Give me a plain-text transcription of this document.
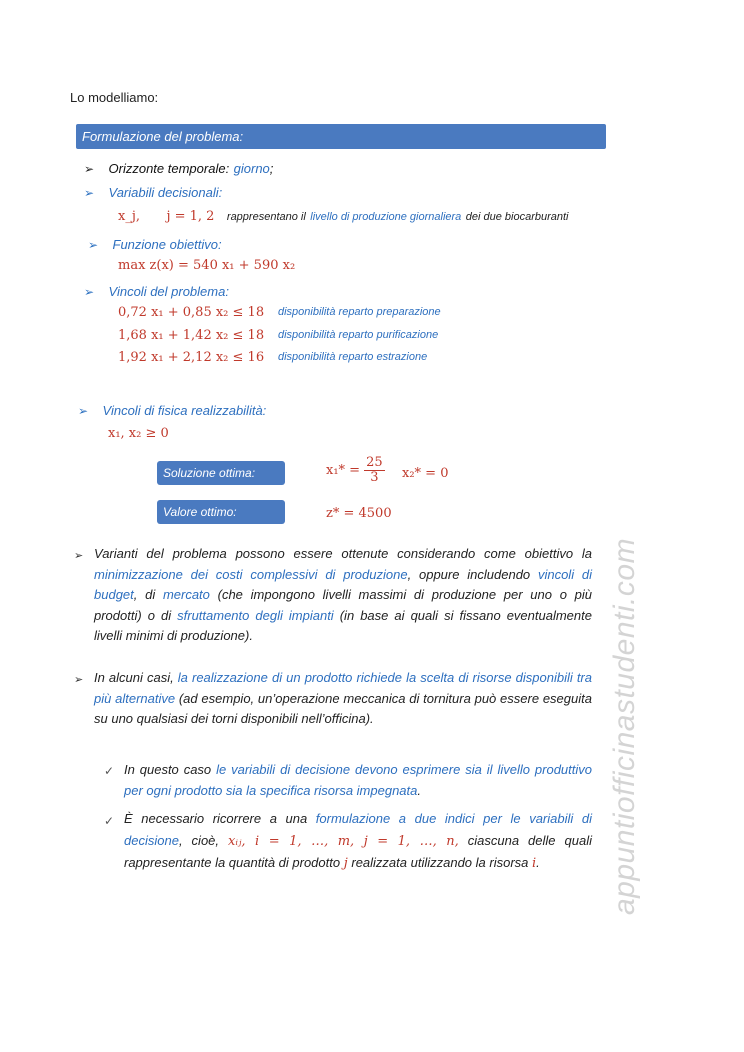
Lo modelliamo:
Formulazione del problema:
➢ Orizzonte temporale: giorno;
➢ Variabili decisionali:
x_j, j = 1, 2 rappresentano il livello di produzione giornaliera dei due biocarburanti
➢ Funzione obiettivo:
max z(x) = 540 x₁ + 590 x₂
➢ Vincoli del problema:
0,72 x₁ + 0,85 x₂ ≤ 18 disponibilità reparto preparazione
1,68 x₁ + 1,42 x₂ ≤ 18 disponibilità reparto purificazione
1,92 x₁ + 2,12 x₂ ≤ 16 disponibilità reparto estrazione
➢ Vincoli di fisica realizzabilità:
x₁, x₂ ≥ 0
Soluzione ottima:	$x_1* = \frac{25}{3} x_2* = 0$
Valore ottimo:	z* = 4500
➢ Varianti del problema possono essere ottenute considerando come obiettivo la minimizzazione dei costi complessivi di produzione, oppure includendo vincoli di budget, di mercato (che impongono livelli massimi di produzione per uno o più prodotti) o di sfruttamento degli impianti (in base ai quali si fissano eventualmente livelli minimi di produzione).
➢ In alcuni casi, la realizzazione di un prodotto richiede la scelta di risorse disponibili tra più alternative (ad esempio, un’operazione meccanica di tornitura può essere eseguita su uno qualsiasi dei torni disponibili nell’officina).
✓ In questo caso le variabili di decisione devono esprimere sia il livello produttivo per ogni prodotto sia la specifica risorsa impegnata.
✓ È necessario ricorrere a una formulazione a due indici per le variabili di decisione, cioè, xᵢⱼ, i = 1, …, m, j = 1, …, n, ciascuna delle quali rappresentante la quantità di prodotto j realizzata utilizzando la risorsa i.	appuntiofficinastudenti.com
